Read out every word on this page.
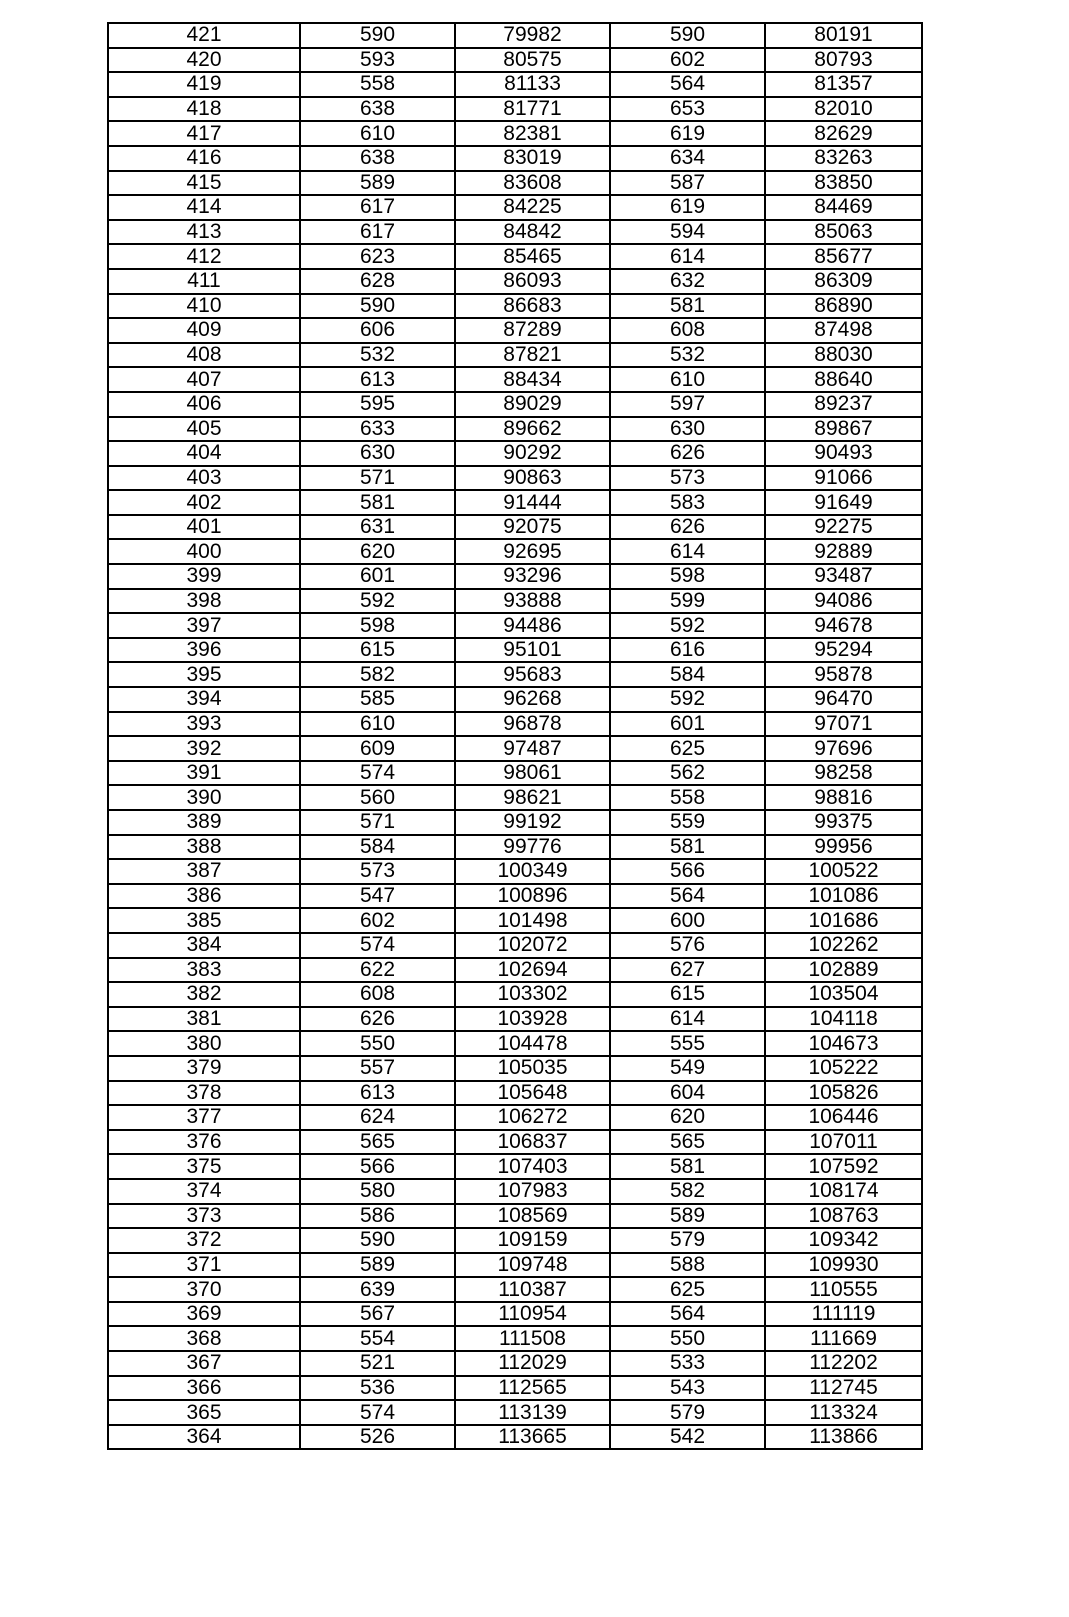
421	590	79982	590	80191
420	593	80575	602	80793
419	558	81133	564	81357
418	638	81771	653	82010
417	610	82381	619	82629
416	638	83019	634	83263
415	589	83608	587	83850
414	617	84225	619	84469
413	617	84842	594	85063
412	623	85465	614	85677
411	628	86093	632	86309
410	590	86683	581	86890
409	606	87289	608	87498
408	532	87821	532	88030
407	613	88434	610	88640
406	595	89029	597	89237
405	633	89662	630	89867
404	630	90292	626	90493
403	571	90863	573	91066
402	581	91444	583	91649
401	631	92075	626	92275
400	620	92695	614	92889
399	601	93296	598	93487
398	592	93888	599	94086
397	598	94486	592	94678
396	615	95101	616	95294
395	582	95683	584	95878
394	585	96268	592	96470
393	610	96878	601	97071
392	609	97487	625	97696
391	574	98061	562	98258
390	560	98621	558	98816
389	571	99192	559	99375
388	584	99776	581	99956
387	573	100349	566	100522
386	547	100896	564	101086
385	602	101498	600	101686
384	574	102072	576	102262
383	622	102694	627	102889
382	608	103302	615	103504
381	626	103928	614	104118
380	550	104478	555	104673
379	557	105035	549	105222
378	613	105648	604	105826
377	624	106272	620	106446
376	565	106837	565	107011
375	566	107403	581	107592
374	580	107983	582	108174
373	586	108569	589	108763
372	590	109159	579	109342
371	589	109748	588	109930
370	639	110387	625	110555
369	567	110954	564	111119
368	554	111508	550	111669
367	521	112029	533	112202
366	536	112565	543	112745
365	574	113139	579	113324
364	526	113665	542	113866
